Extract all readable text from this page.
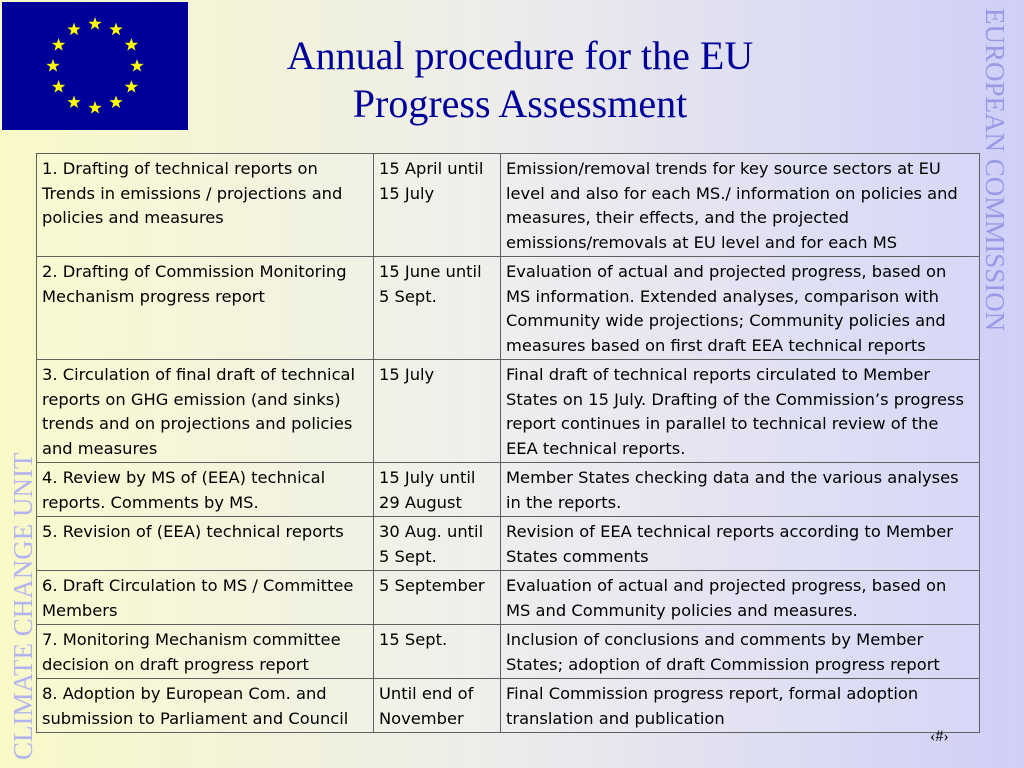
Annual procedure for the EU
Progress Assessment	EUROPEAN COMMISSION
CLIMATE CHANGE UNIT
1. Drafting of technical reports on Trends in emissions / projections and policies and measures	15 April until 15 July	Emission/removal trends for key source sectors at EU level and also for each MS./ information on policies and measures, their effects, and the projected emissions/removals at EU level and for each MS
2. Drafting of Commission Monitoring Mechanism progress report	15 June until 5 Sept.	Evaluation of actual and projected progress, based on MS information. Extended analyses, comparison with Community wide projections; Community policies and measures based on first draft EEA technical reports
3. Circulation of final draft of technical reports on GHG emission (and sinks) trends and on projections and policies and measures	15 July	Final draft of technical reports circulated to Member States on 15 July. Drafting of the Commission’s progress report continues in parallel to technical review of the EEA technical reports.
4. Review by MS of (EEA) technical reports. Comments by MS.	15 July until 29 August	Member States checking data and the various analyses in the reports.
5. Revision of (EEA) technical reports	30 Aug. until 5 Sept.	Revision of EEA technical reports according to Member States comments
6. Draft Circulation to MS / Committee Members	5 September	Evaluation of actual and projected progress, based on MS and Community policies and measures.
7. Monitoring Mechanism committee decision on draft progress report	15 Sept.	Inclusion of conclusions and comments by Member States; adoption of draft Commission progress report
8. Adoption by European Com. and submission to Parliament and Council	Until end of November	Final Commission progress report, formal adoption translation and publication
‹#›
